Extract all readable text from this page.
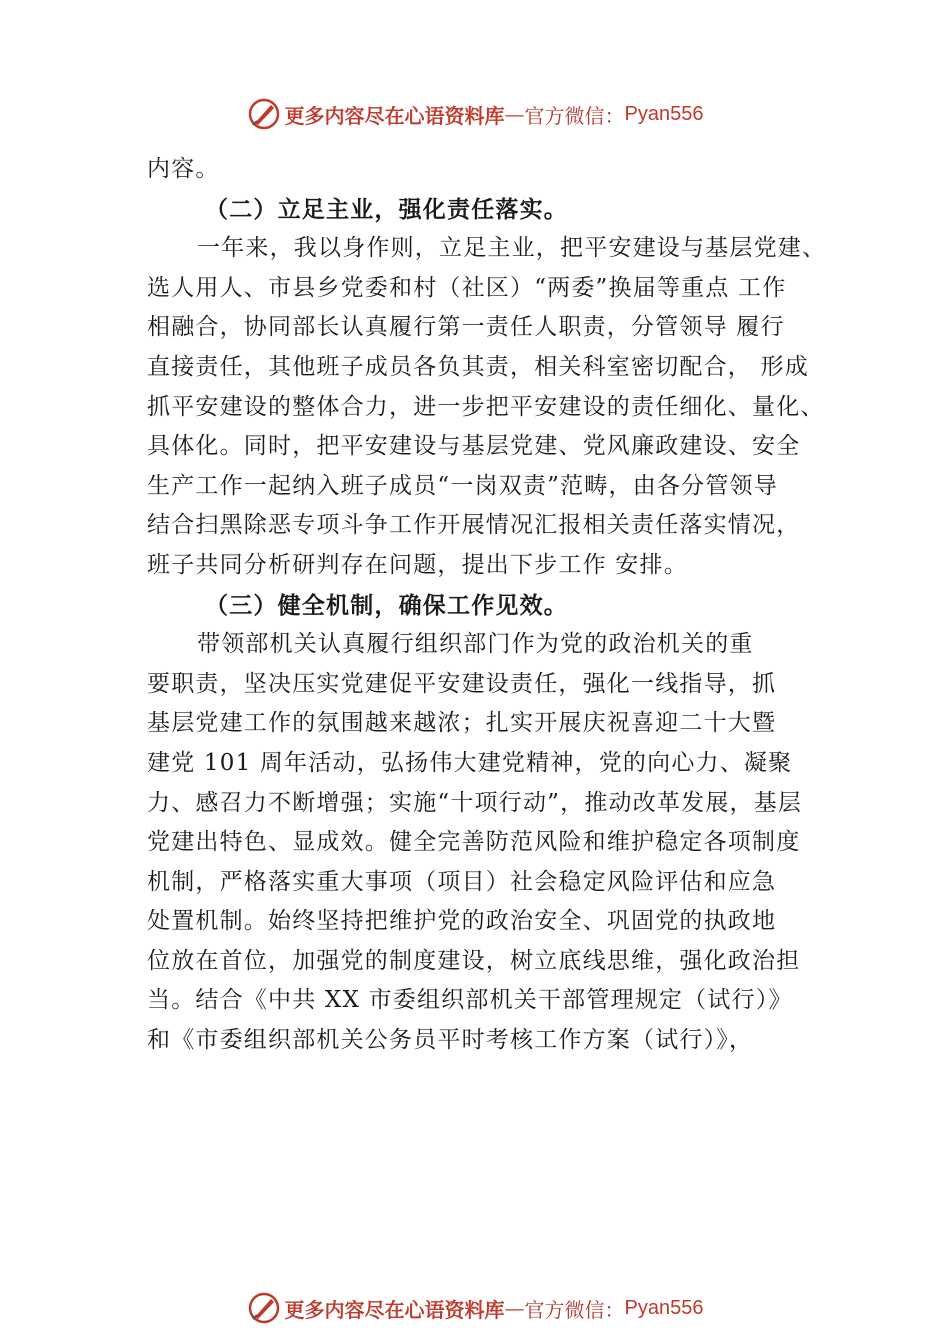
更多内容尽在心语资料库 — 官方微信： Pyan556
内容。
（二）立足主业，强化责任落实。
一年来，我以身作则，立足主业，把平安建设与基层党建、
选人用人、市县乡党委和村（社区）“两委”换届等重点 工作
相融合，协同部长认真履行第一责任人职责，分管领导 履行
直接责任，其他班子成员各负其责，相关科室密切配合， 形成
抓平安建设的整体合力，进一步把平安建设的责任细化、量化、
具体化。同时，把平安建设与基层党建、党风廉政建设、安全
生产工作一起纳入班子成员“一岗双责”范畴，由各分管领导
结合扫黑除恶专项斗争工作开展情况汇报相关责任落实情况，
班子共同分析研判存在问题，提出下步工作 安排。
（三）健全机制，确保工作见效。
带领部机关认真履行组织部门作为党的政治机关的重
要职责，坚决压实党建促平安建设责任，强化一线指导，抓
基层党建工作的氛围越来越浓；扎实开展庆祝喜迎二十大暨
建党 101 周年活动，弘扬伟大建党精神，党的向心力、凝聚
力、感召力不断增强；实施“十项行动”，推动改革发展，基层
党建出特色、显成效。健全完善防范风险和维护稳定各项制度
机制，严格落实重大事项（项目）社会稳定风险评估和应急
处置机制。始终坚持把维护党的政治安全、巩固党的执政地
位放在首位，加强党的制度建设，树立底线思维，强化政治担
当。结合《中共 XX 市委组织部机关干部管理规定（试行）》
和《市委组织部机关公务员平时考核工作方案（试行）》，
更多内容尽在心语资料库 — 官方微信： Pyan556
